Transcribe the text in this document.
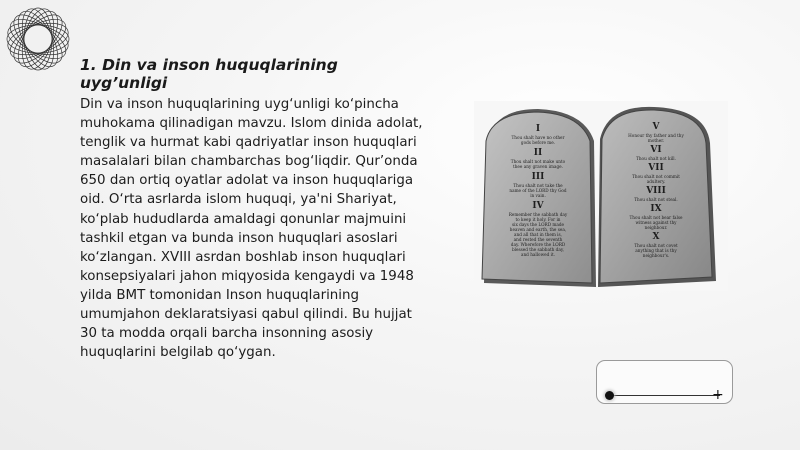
1. Din va inson huquqlarining uyg’unligi

Din va inson huquqlarining uyg‘unligi ko‘pincha muhokama qilinadigan mavzu. Islom dinida adolat, tenglik va hurmat kabi qadriyatlar inson huquqlari masalalari bilan chambarchas bog‘liqdir. Qur’onda 650 dan ortiq oyatlar adolat va inson huquqlariga oid. O‘rta asrlarda islom huquqi, ya'ni Shariyat, ko‘plab hududlarda amaldagi qonunlar majmuini tashkil etgan va bunda inson huquqlari asoslari ko‘zlangan. XVIII asrdan boshlab inson huquqlari konsepsiyalari jahon miqyosida kengaydi va 1948 yilda BMT tomonidan Inson huquqlarining umumjahon deklaratsiyasi qabul qilindi. Bu hujjat 30 ta modda orqali barcha insonning asosiy huquqlarini belgilab qo‘ygan.

I
Thou shalt have no other
gods before me.
II
Thou shalt not make unto
thee any graven image.
III
Thou shalt not take the
name of the LORD thy God
in vain.
IV
Remember the sabbath day
to keep it holy. For in
six days the LORD made
heaven and earth, the sea,
and all that in them is,
and rested the seventh
day. Wherefore the LORD
blessed the sabbath day,
and hallowed it.
V
Honour thy father and thy
mother.
VI
Thou shalt not kill.
VII
Thou shalt not commit
adultery.
VIII
Thou shalt not steal.
IX
Thou shalt not bear false
witness against thy
neighbour.
X
Thou shalt not covet
anything that is thy
neighbour's.
+
